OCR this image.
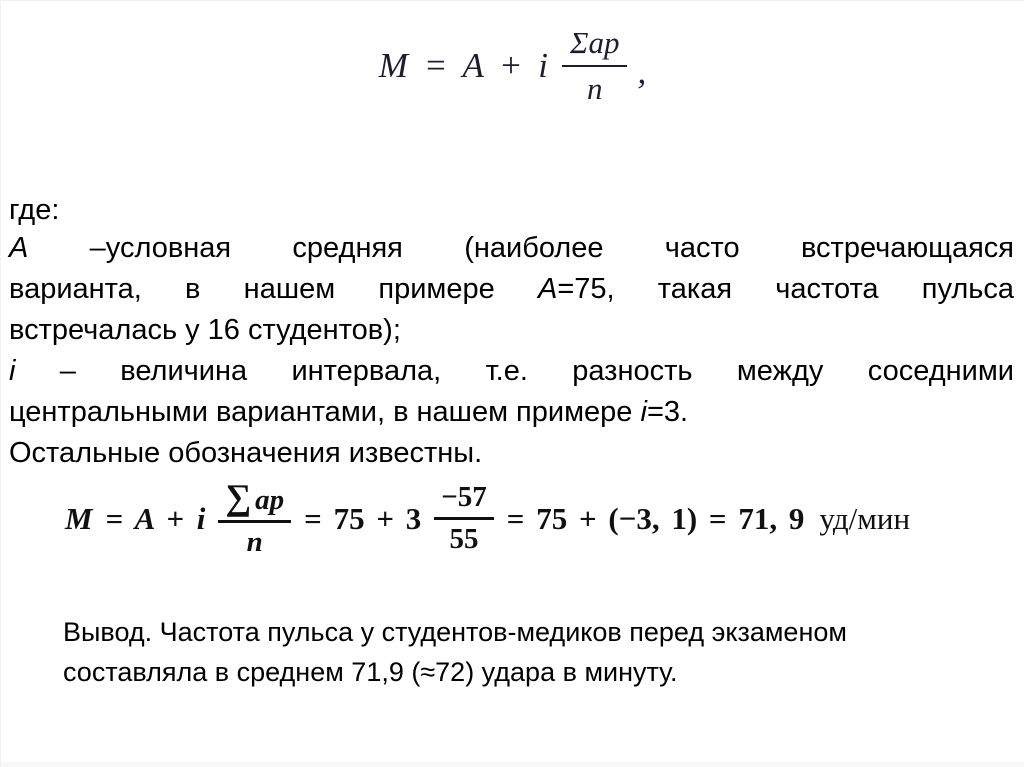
M = A + i $\frac{\text{Σap}}{n}$ ,
где:
А –условная средняя (наиболее часто встречающаяся
варианта, в нашем примере А=75, такая частота пульса
встречалась у 16 студентов);
i – величина интервала, т.е. разность между соседними
центральными вариантами, в нашем примере i=3.
Остальные обозначения известны.
M = A + i $\frac{\sum ap}{n} = 75 + 3 \frac{-57}{55} = 75 + (-3$, 1) = 71, 9 уд/мин
Вывод. Частота пульса у студентов-медиков перед экзаменом
составляла в среднем 71,9 (≈72) удара в минуту.
